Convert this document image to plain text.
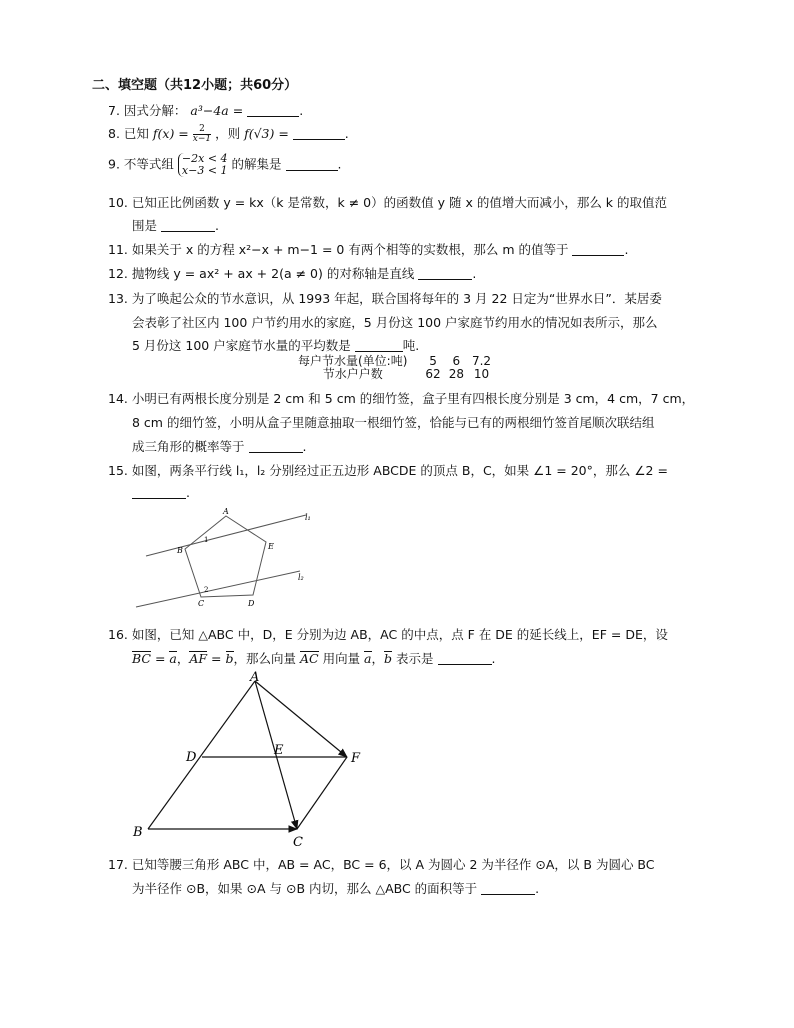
二、填空题（共12小题；共60分）
7. 因式分解： a³−4a =	.
8. 已知 $f(x) = \frac{2}{x-1}$ ，则 f(√3) =	.
9. 不等式组 −2x < 4
x−3 < 1 的解集是	.
10. 已知正比例函数 y = kx（k 是常数，k ≠ 0）的函数值 y 随 x 的值增大而减小，那么 k 的取值范
围是	.
11. 如果关于 x 的方程 x²−x + m−1 = 0 有两个相等的实数根，那么 m 的值等于	.
12. 抛物线 y = ax² + ax + 2(a ≠ 0) 的对称轴是直线	.
13. 为了唤起公众的节水意识，从 1993 年起，联合国将每年的 3 月 22 日定为“世界水日”．某居委
会表彰了社区内 100 户节约用水的家庭，5 月份这 100 户家庭节约用水的情况如表所示，那么
5 月份这 100 户家庭节水量的平均数是	吨.
每户节水量(单位:吨)	5	6	7.2
节水户户数	62	28	10
14. 小明已有两根长度分别是 2 cm 和 5 cm 的细竹签，盒子里有四根长度分别是 3 cm，4 cm，7 cm，
8 cm 的细竹签，小明从盒子里随意抽取一根细竹签，恰能与已有的两根细竹签首尾顺次联结组
成三角形的概率等于	.
15. 如图，两条平行线 l₁，l₂ 分别经过正五边形 ABCDE 的顶点 B，C，如果 ∠1 = 20°，那么 ∠2 =
.
A
B
C	D
E
1
2
l₁
l₂
16. 如图，已知 △ABC 中，D，E 分别为边 AB，AC 的中点，点 F 在 DE 的延长线上，EF = DE，设
BC = a，AF = b，那么向量 AC 用向量 a，b 表示是	.
A
D	E
F
B
C
17. 已知等腰三角形 ABC 中，AB = AC，BC = 6，以 A 为圆心 2 为半径作 ⊙A，以 B 为圆心 BC
为半径作 ⊙B，如果 ⊙A 与 ⊙B 内切，那么 △ABC 的面积等于	.
